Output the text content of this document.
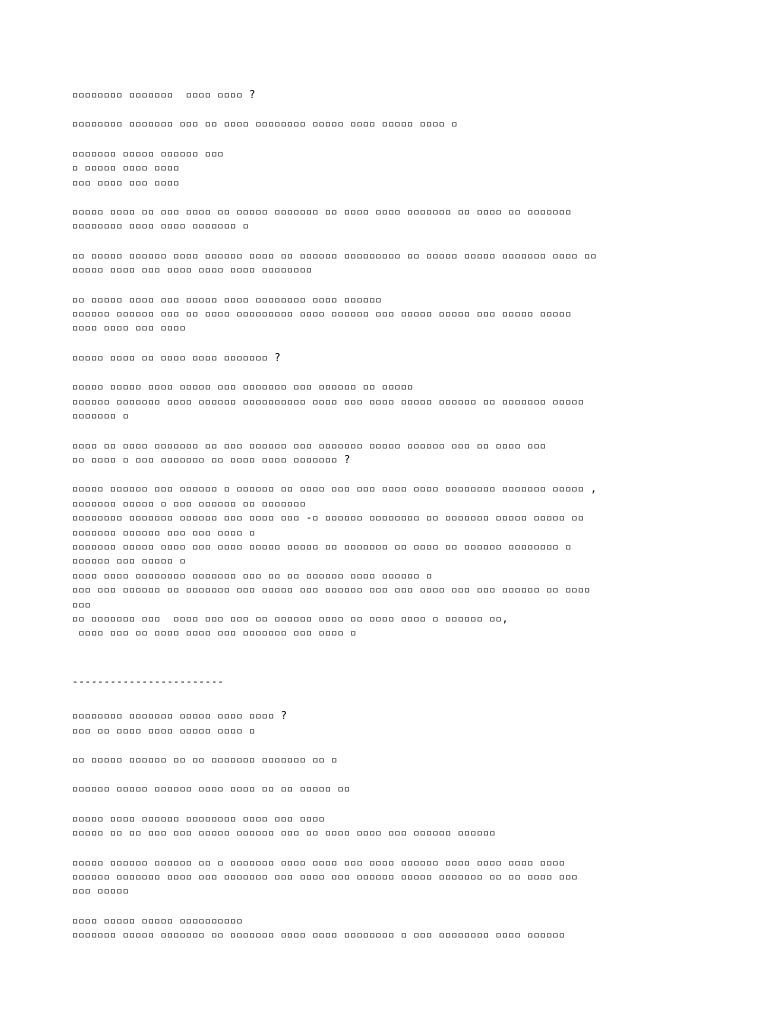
▫▫▫▫▫▫▫▫ ▫▫▫▫▫▫▫  ▫▫▫▫ ▫▫▫▫ ?
▫▫▫▫▫▫▫▫ ▫▫▫▫▫▫▫ ▫▫▫ ▫▫ ▫▫▫▫ ▫▫▫▫▫▫▫▫ ▫▫▫▫▫ ▫▫▫▫ ▫▫▫▫▫ ▫▫▫▫ ▫
▫▫▫▫▫▫▫ ▫▫▫▫▫ ▫▫▫▫▫▫ ▫▫▫
▫ ▫▫▫▫▫ ▫▫▫▫ ▫▫▫▫
▫▫▫ ▫▫▫▫ ▫▫▫ ▫▫▫▫
▫▫▫▫▫ ▫▫▫▫ ▫▫ ▫▫▫ ▫▫▫▫ ▫▫ ▫▫▫▫▫ ▫▫▫▫▫▫▫ ▫▫ ▫▫▫▫ ▫▫▫▫ ▫▫▫▫▫▫▫ ▫▫ ▫▫▫▫ ▫▫ ▫▫▫▫▫▫▫
▫▫▫▫▫▫▫▫ ▫▫▫▫ ▫▫▫▫ ▫▫▫▫▫▫▫ ▫
▫▫ ▫▫▫▫▫ ▫▫▫▫▫▫ ▫▫▫▫ ▫▫▫▫▫▫ ▫▫▫▫ ▫▫ ▫▫▫▫▫▫ ▫▫▫▫▫▫▫▫▫ ▫▫ ▫▫▫▫▫ ▫▫▫▫▫ ▫▫▫▫▫▫▫ ▫▫▫▫ ▫▫
▫▫▫▫▫ ▫▫▫▫ ▫▫▫ ▫▫▫▫ ▫▫▫▫ ▫▫▫▫ ▫▫▫▫▫▫▫▫
▫▫ ▫▫▫▫▫ ▫▫▫▫ ▫▫▫ ▫▫▫▫▫ ▫▫▫▫ ▫▫▫▫▫▫▫▫ ▫▫▫▫ ▫▫▫▫▫▫
▫▫▫▫▫▫ ▫▫▫▫▫▫ ▫▫▫ ▫▫ ▫▫▫▫ ▫▫▫▫▫▫▫▫▫ ▫▫▫▫ ▫▫▫▫▫▫ ▫▫▫ ▫▫▫▫▫ ▫▫▫▫▫ ▫▫▫ ▫▫▫▫▫ ▫▫▫▫▫
▫▫▫▫ ▫▫▫▫ ▫▫▫ ▫▫▫▫
▫▫▫▫▫ ▫▫▫▫ ▫▫ ▫▫▫▫ ▫▫▫▫ ▫▫▫▫▫▫▫ ?
▫▫▫▫▫ ▫▫▫▫▫ ▫▫▫▫ ▫▫▫▫▫ ▫▫▫ ▫▫▫▫▫▫▫ ▫▫▫ ▫▫▫▫▫▫ ▫▫ ▫▫▫▫▫
▫▫▫▫▫▫ ▫▫▫▫▫▫▫ ▫▫▫▫ ▫▫▫▫▫▫ ▫▫▫▫▫▫▫▫▫▫ ▫▫▫▫ ▫▫▫ ▫▫▫▫ ▫▫▫▫▫ ▫▫▫▫▫▫ ▫▫ ▫▫▫▫▫▫▫ ▫▫▫▫▫
▫▫▫▫▫▫▫ ▫
▫▫▫▫ ▫▫ ▫▫▫▫ ▫▫▫▫▫▫▫ ▫▫ ▫▫▫ ▫▫▫▫▫▫ ▫▫▫ ▫▫▫▫▫▫▫ ▫▫▫▫▫ ▫▫▫▫▫▫ ▫▫▫ ▫▫ ▫▫▫▫ ▫▫▫
▫▫ ▫▫▫▫ ▫ ▫▫▫ ▫▫▫▫▫▫▫ ▫▫ ▫▫▫▫ ▫▫▫▫ ▫▫▫▫▫▫▫ ?
▫▫▫▫▫ ▫▫▫▫▫▫ ▫▫▫ ▫▫▫▫▫▫ ▫ ▫▫▫▫▫▫ ▫▫ ▫▫▫▫ ▫▫▫ ▫▫▫ ▫▫▫▫ ▫▫▫▫ ▫▫▫▫▫▫▫▫ ▫▫▫▫▫▫▫ ▫▫▫▫▫ ,
▫▫▫▫▫▫▫ ▫▫▫▫▫ ▫ ▫▫▫ ▫▫▫▫▫▫ ▫▫ ▫▫▫▫▫▫▫
▫▫▫▫▫▫▫▫ ▫▫▫▫▫▫▫ ▫▫▫▫▫▫ ▫▫▫ ▫▫▫▫ ▫▫▫ -▫ ▫▫▫▫▫▫ ▫▫▫▫▫▫▫▫ ▫▫ ▫▫▫▫▫▫▫ ▫▫▫▫▫ ▫▫▫▫▫ ▫▫
▫▫▫▫▫▫▫ ▫▫▫▫▫▫ ▫▫▫ ▫▫▫ ▫▫▫▫ ▫
▫▫▫▫▫▫▫ ▫▫▫▫▫ ▫▫▫▫ ▫▫▫ ▫▫▫▫ ▫▫▫▫▫ ▫▫▫▫▫ ▫▫ ▫▫▫▫▫▫▫ ▫▫ ▫▫▫▫ ▫▫ ▫▫▫▫▫▫ ▫▫▫▫▫▫▫▫ ▫
▫▫▫▫▫▫ ▫▫▫ ▫▫▫▫▫ ▫
▫▫▫▫ ▫▫▫▫ ▫▫▫▫▫▫▫▫ ▫▫▫▫▫▫▫ ▫▫▫ ▫▫ ▫▫ ▫▫▫▫▫▫ ▫▫▫▫ ▫▫▫▫▫▫ ▫
▫▫▫ ▫▫▫ ▫▫▫▫▫▫ ▫▫ ▫▫▫▫▫▫▫ ▫▫▫ ▫▫▫▫▫ ▫▫▫ ▫▫▫▫▫▫ ▫▫▫ ▫▫▫ ▫▫▫▫ ▫▫▫ ▫▫▫ ▫▫▫▫▫▫ ▫▫ ▫▫▫▫
▫▫▫
▫▫ ▫▫▫▫▫▫▫ ▫▫▫  ▫▫▫▫ ▫▫▫ ▫▫▫ ▫▫ ▫▫▫▫▫▫ ▫▫▫▫ ▫▫ ▫▫▫▫ ▫▫▫▫ ▫ ▫▫▫▫▫▫ ▫▫,
▫▫▫▫ ▫▫▫ ▫▫ ▫▫▫▫ ▫▫▫▫ ▫▫▫ ▫▫▫▫▫▫▫ ▫▫▫ ▫▫▫▫ ▫
------------------------
▫▫▫▫▫▫▫▫ ▫▫▫▫▫▫▫ ▫▫▫▫▫ ▫▫▫▫ ▫▫▫▫ ?
▫▫▫ ▫▫ ▫▫▫▫ ▫▫▫▫ ▫▫▫▫▫ ▫▫▫▫ ▫
▫▫ ▫▫▫▫▫ ▫▫▫▫▫▫ ▫▫ ▫▫ ▫▫▫▫▫▫▫ ▫▫▫▫▫▫▫ ▫▫ ▫
▫▫▫▫▫▫ ▫▫▫▫▫ ▫▫▫▫▫▫ ▫▫▫▫ ▫▫▫▫ ▫▫ ▫▫ ▫▫▫▫▫ ▫▫
▫▫▫▫▫ ▫▫▫▫ ▫▫▫▫▫▫ ▫▫▫▫▫▫▫▫ ▫▫▫▫ ▫▫▫ ▫▫▫▫
▫▫▫▫▫ ▫▫ ▫▫ ▫▫▫ ▫▫▫ ▫▫▫▫▫ ▫▫▫▫▫▫ ▫▫▫ ▫▫ ▫▫▫▫ ▫▫▫▫ ▫▫▫ ▫▫▫▫▫▫ ▫▫▫▫▫▫
▫▫▫▫▫ ▫▫▫▫▫▫ ▫▫▫▫▫▫ ▫▫ ▫ ▫▫▫▫▫▫▫ ▫▫▫▫ ▫▫▫▫ ▫▫▫ ▫▫▫▫ ▫▫▫▫▫▫ ▫▫▫▫ ▫▫▫▫ ▫▫▫▫ ▫▫▫▫
▫▫▫▫▫▫ ▫▫▫▫▫▫▫ ▫▫▫▫ ▫▫▫ ▫▫▫▫▫▫▫ ▫▫▫ ▫▫▫▫ ▫▫▫ ▫▫▫▫▫▫ ▫▫▫▫▫ ▫▫▫▫▫▫▫ ▫▫ ▫▫ ▫▫▫▫ ▫▫▫
▫▫▫ ▫▫▫▫▫
▫▫▫▫ ▫▫▫▫▫ ▫▫▫▫▫ ▫▫▫▫▫▫▫▫▫▫
▫▫▫▫▫▫▫ ▫▫▫▫▫ ▫▫▫▫▫▫▫ ▫▫ ▫▫▫▫▫▫▫ ▫▫▫▫ ▫▫▫▫ ▫▫▫▫▫▫▫▫ ▫ ▫▫▫ ▫▫▫▫▫▫▫▫ ▫▫▫▫ ▫▫▫▫▫▫
